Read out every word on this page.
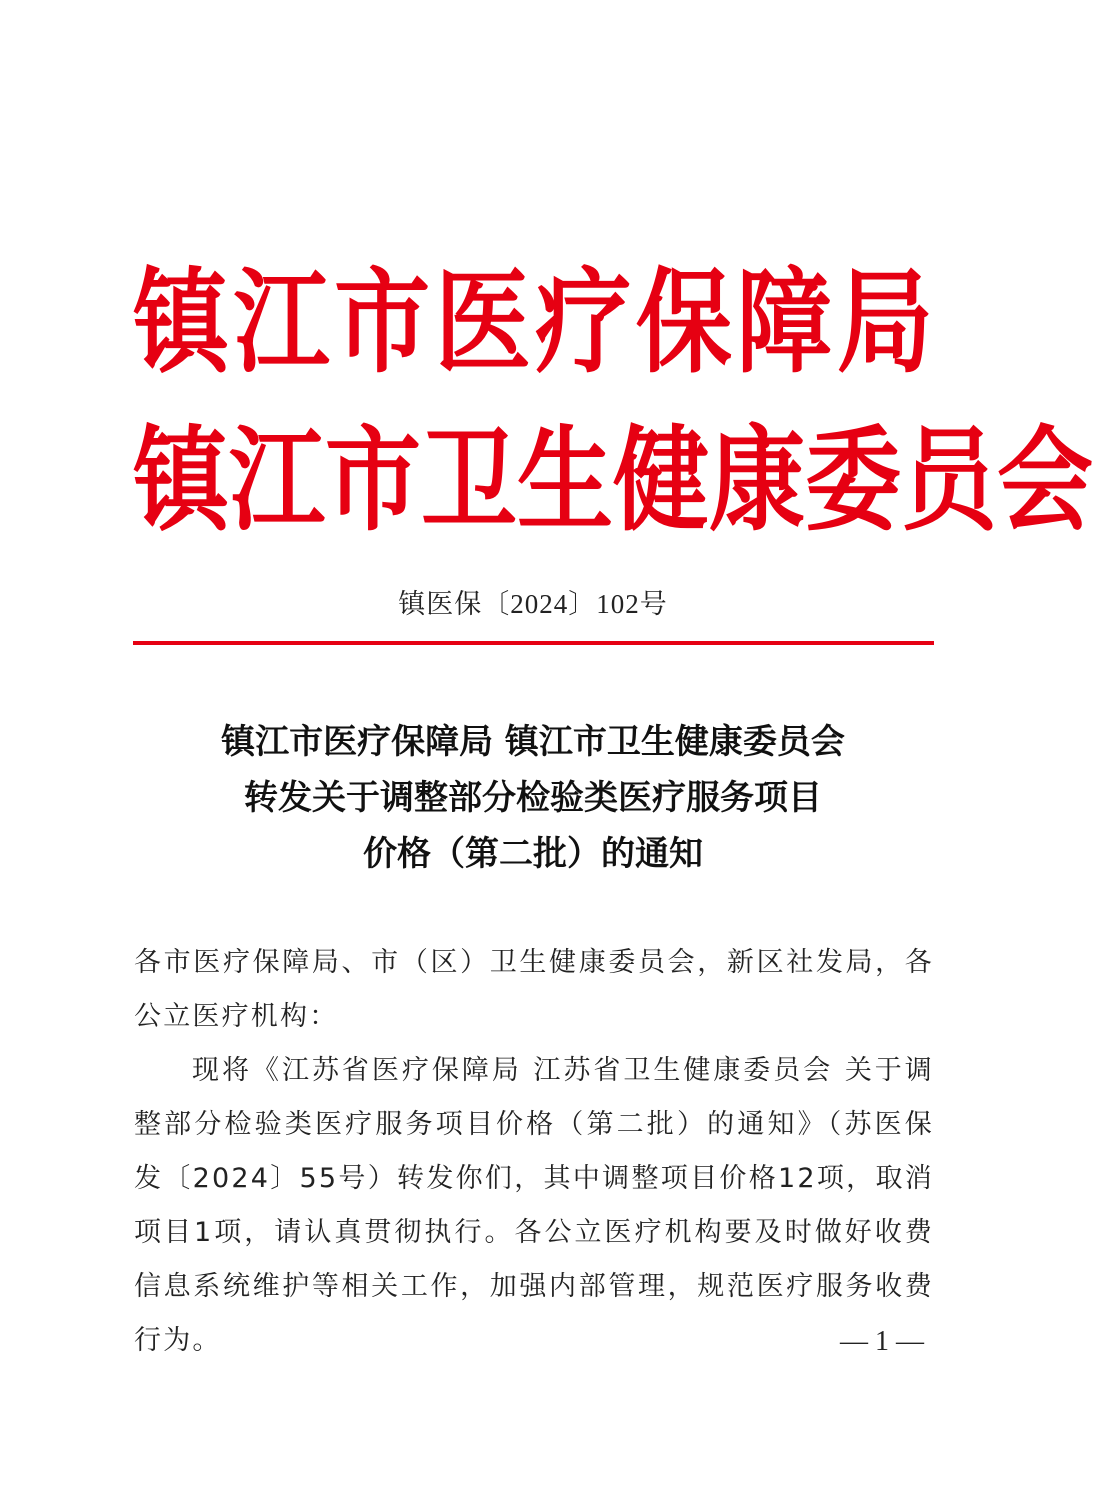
镇 江 市 医 疗 保 障 局
镇 江 市 卫 生 健 康 委 员 会
镇医保〔2024〕102号
镇江市医疗保障局 镇江市卫生健康委员会
转发关于调整部分检验类医疗服务项目
价格（第二批）的通知

各市医疗保障局、市（区）卫生健康委员会，新区社发局，各公立医疗机构：

现将《江苏省医疗保障局 江苏省卫生健康委员会 关于调整部分检验类医疗服务项目价格（第二批）的通知》（苏医保发〔2024〕55号）转发你们，其中调整项目价格12项，取消项目1项，请认真贯彻执行。各公立医疗机构要及时做好收费信息系统维护等相关工作，加强内部管理，规范医疗服务收费行为。	— 1 —
